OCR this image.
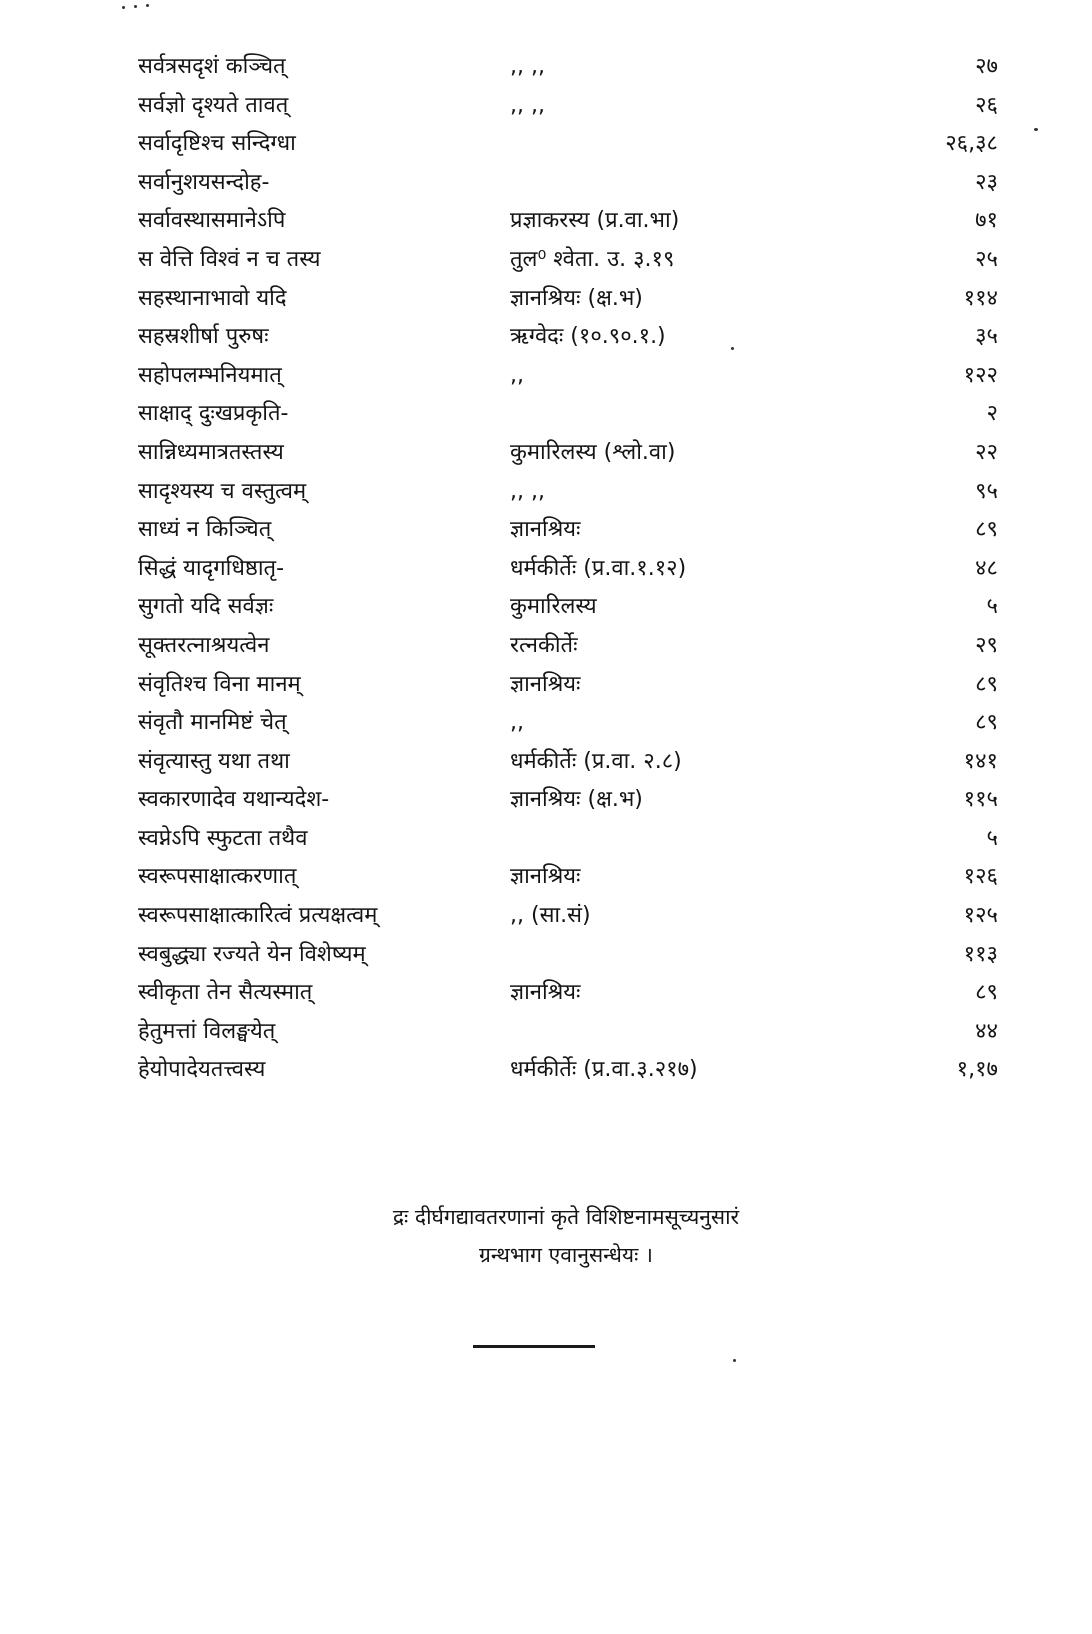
सर्वत्रसदृशं कञ्चित्	,, ,,	२७
सर्वज्ञो दृश्यते तावत्	,, ,,	२६
सर्वादृष्टिश्च सन्दिग्धा	२६,३८
सर्वानुशयसन्दोह-	२३
सर्वावस्थासमानेऽपि	प्रज्ञाकरस्य (प्र.वा.भा)	७१
स वेत्ति विश्वं न च तस्य	तुल⁰ श्वेता. उ. ३.१९	२५
सहस्थानाभावो यदि	ज्ञानश्रियः (क्ष.भ)	११४
सहस्रशीर्षा पुरुषः	ऋग्वेदः (१०.९०.१.)	३५
सहोपलम्भनियमात्	,,	१२२
साक्षाद् दुःखप्रकृति-	२
सान्निध्यमात्रतस्तस्य	कुमारिलस्य (श्लो.वा)	२२
सादृश्यस्य च वस्तुत्वम्	,, ,,	९५
साध्यं न किञ्चित्	ज्ञानश्रियः	८९
सिद्धं यादृगधिष्ठातृ-	धर्मकीर्तेः (प्र.वा.१.१२)	४८
सुगतो यदि सर्वज्ञः	कुमारिलस्य	५
सूक्तरत्नाश्रयत्वेन	रत्नकीर्तेः	२९
संवृतिश्च विना मानम्	ज्ञानश्रियः	८९
संवृतौ मानमिष्टं चेत्	,,	८९
संवृत्यास्तु यथा तथा	धर्मकीर्तेः (प्र.वा. २.८)	१४१
स्वकारणादेव यथान्यदेश-	ज्ञानश्रियः (क्ष.भ)	११५
स्वप्नेऽपि स्फुटता तथैव	५
स्वरूपसाक्षात्करणात्	ज्ञानश्रियः	१२६
स्वरूपसाक्षात्कारित्वं प्रत्यक्षत्वम्	,, (सा.सं)	१२५
स्वबुद्ध्या रज्यते येन विशेष्यम्	११३
स्वीकृता तेन सैत्यस्मात्	ज्ञानश्रियः	८९
हेतुमत्तां विलङ्घयेत्	४४
हेयोपादेयतत्त्वस्य	धर्मकीर्तेः (प्र.वा.३.२१७)	१,१७
द्रः दीर्घगद्यावतरणानां कृते विशिष्टनामसूच्यनुसारं
ग्रन्थभाग एवानुसन्धेयः ।
